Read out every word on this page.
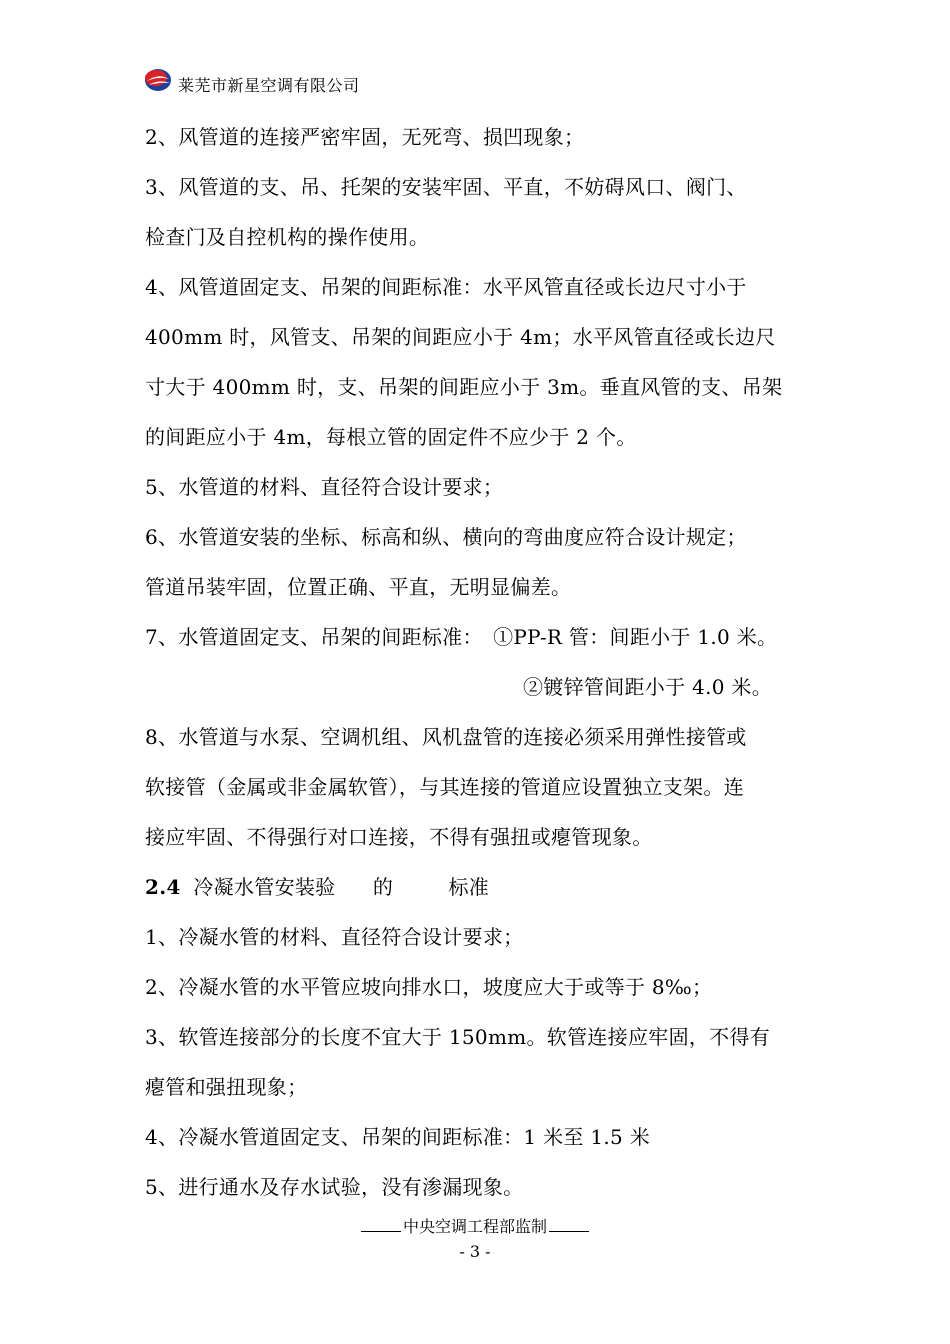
莱芜市新星空调有限公司
2、风管道的连接严密牢固，无死弯、损凹现象；
3、风管道的支、吊、托架的安装牢固、平直，不妨碍风口、阀门、
检查门及自控机构的操作使用。
4、风管道固定支、吊架的间距标准：水平风管直径或长边尺寸小于
400mm 时，风管支、吊架的间距应小于 4m；水平风管直径或长边尺
寸大于 400mm 时，支、吊架的间距应小于 3m。垂直风管的支、吊架
的间距应小于 4m，每根立管的固定件不应少于 2 个。
5、水管道的材料、直径符合设计要求；
6、水管道安装的坐标、标高和纵、横向的弯曲度应符合设计规定；
管道吊装牢固，位置正确、平直，无明显偏差。
7、水管道固定支、吊架的间距标准：　①PP-R 管：间距小于 1.0 米。
②镀锌管间距小于 4.0 米。
8、水管道与水泵、空调机组、风机盘管的连接必须采用弹性接管或
软接管（金属或非金属软管），与其连接的管道应设置独立支架。连
接应牢固、不得强行对口连接，不得有强扭或瘪管现象。
2.4 冷凝水管安装验 的	标准
1、冷凝水管的材料、直径符合设计要求；
2、冷凝水管的水平管应坡向排水口，坡度应大于或等于 8‰；
3、软管连接部分的长度不宜大于 150mm。软管连接应牢固，不得有
瘪管和强扭现象；
4、冷凝水管道固定支、吊架的间距标准：1 米至 1.5 米
5、进行通水及存水试验，没有渗漏现象。
中央空调工程部监制
- 3 -
